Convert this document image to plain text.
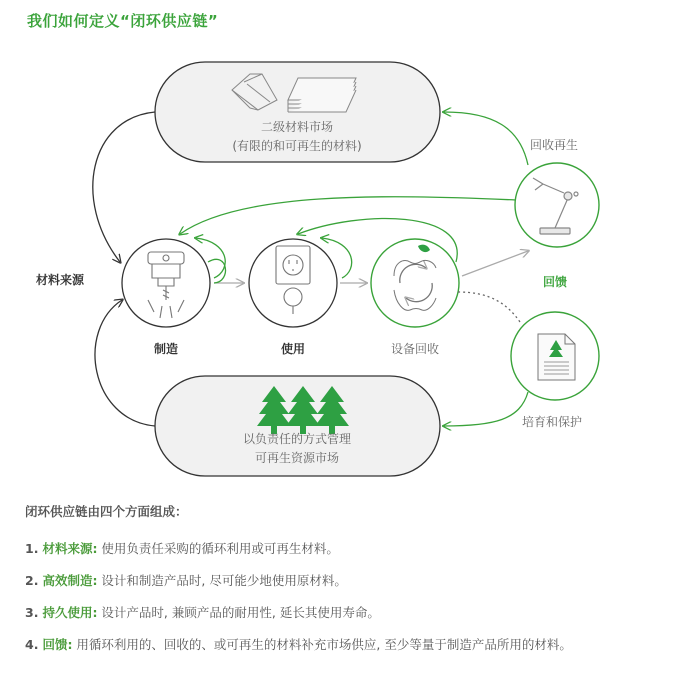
我们如何定义“闭环供应链”
二级材料市场
(有限的和可再生的材料)
以负责任的方式管理
可再生资源市场
材料来源
制造	使用	设备回收
回收再生
回馈
培育和保护
闭环供应链由四个方面组成：
1. 材料来源: 使用负责任采购的循环利用或可再生材料。
2. 高效制造: 设计和制造产品时, 尽可能少地使用原材料。
3. 持久使用: 设计产品时, 兼顾产品的耐用性, 延长其使用寿命。
4. 回馈: 用循环利用的、回收的、或可再生的材料补充市场供应, 至少等量于制造产品所用的材料。
